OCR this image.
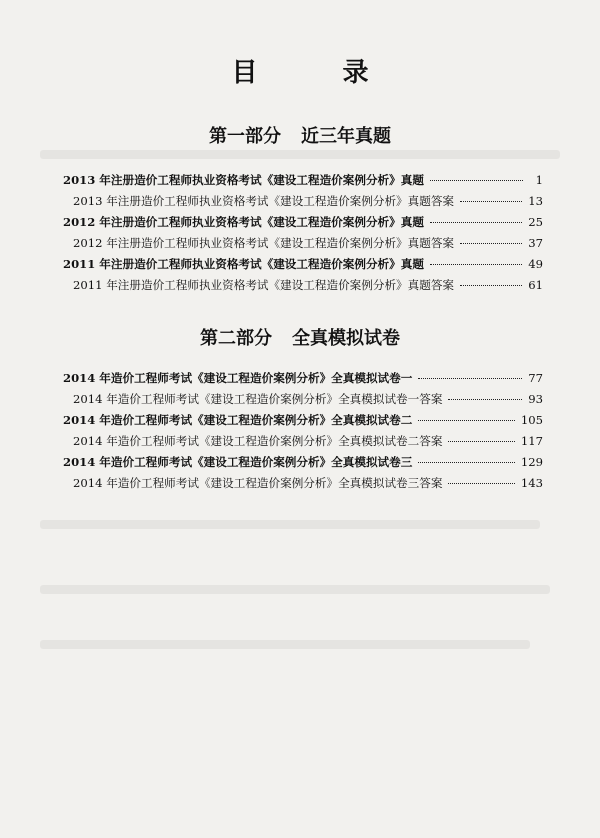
目 录
第一部分 近三年真题
2013 年注册造价工程师执业资格考试《建设工程造价案例分析》真题	1
2013 年注册造价工程师执业资格考试《建设工程造价案例分析》真题答案	13
2012 年注册造价工程师执业资格考试《建设工程造价案例分析》真题	25
2012 年注册造价工程师执业资格考试《建设工程造价案例分析》真题答案	37
2011 年注册造价工程师执业资格考试《建设工程造价案例分析》真题	49
2011 年注册造价工程师执业资格考试《建设工程造价案例分析》真题答案	61
第二部分 全真模拟试卷
2014 年造价工程师考试《建设工程造价案例分析》全真模拟试卷一	77
2014 年造价工程师考试《建设工程造价案例分析》全真模拟试卷一答案	93
2014 年造价工程师考试《建设工程造价案例分析》全真模拟试卷二	105
2014 年造价工程师考试《建设工程造价案例分析》全真模拟试卷二答案	117
2014 年造价工程师考试《建设工程造价案例分析》全真模拟试卷三	129
2014 年造价工程师考试《建设工程造价案例分析》全真模拟试卷三答案	143
